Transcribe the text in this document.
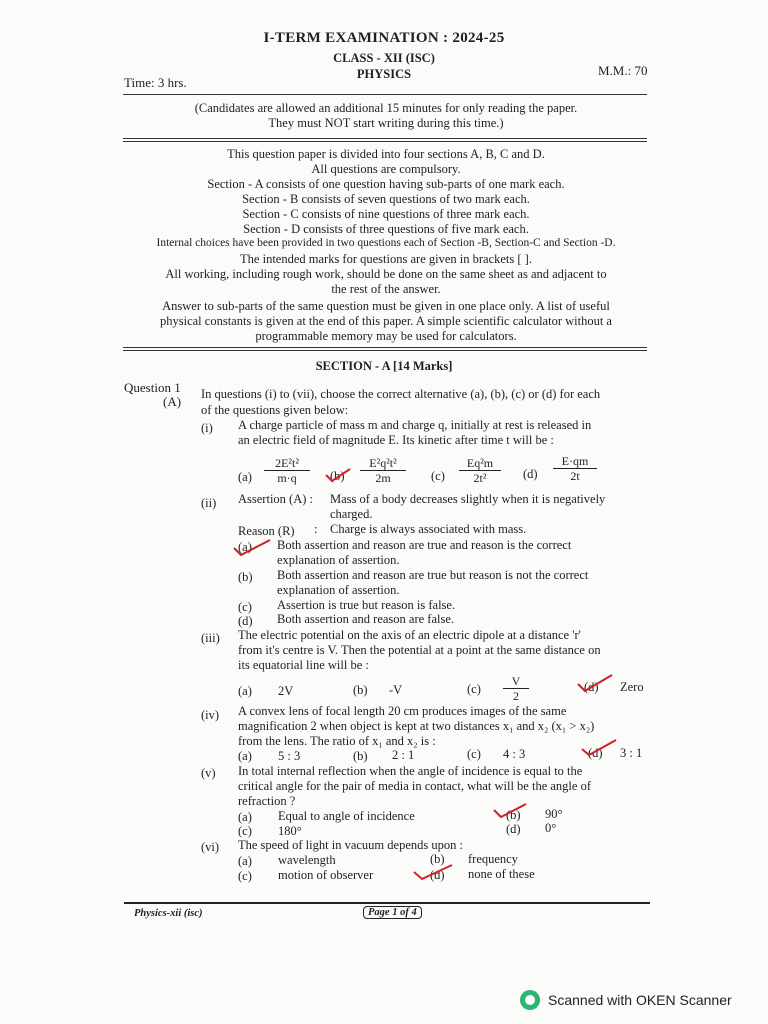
I-TERM EXAMINATION : 2024-25
CLASS - XII (ISC)
PHYSICS
Time: 3 hrs.
M.M.: 70
(Candidates are allowed an additional 15 minutes for only reading the paper.
They must NOT start writing during this time.)
This question paper is divided into four sections A, B, C and D.
All questions are compulsory.
Section - A consists of one question having sub-parts of one mark each.
Section - B consists of seven questions of two mark each.
Section - C consists of nine questions of three mark each.
Section - D consists of three questions of five mark each.
Internal choices have been provided in two questions each of Section -B, Section-C and Section -D.
The intended marks for questions are given in brackets [ ].
All working, including rough work, should be done on the same sheet as and adjacent to
the rest of the answer.
Answer to sub-parts of the same question must be given in one place only. A list of useful
physical constants is given at the end of this paper. A simple scientific calculator without a
programmable memory may be used for calculators.
SECTION - A [14 Marks]
Question 1
(A) In questions (i) to (vii), choose the correct alternative (a), (b), (c) or (d) for each
of the questions given below:
(i) A charge particle of mass m and charge q, initially at rest is released in
an electric field of magnitude E. Its kinetic after time t will be :
$(a) \frac{\text{2E²t²}}{m\cdot q} (b) \frac{\text{E²q²t²}}{2m} (c) \frac{\text{Eq²m}}{\text{2t²}} (d) \frac{E\cdot qm}{2t}$
(ii) Assertion (A) : Mass of a body decreases slightly when it is negatively
charged.
Reason (R) : Charge is always associated with mass.
(a) Both assertion and reason are true and reason is the correct
explanation of assertion.
(b) Both assertion and reason are true but reason is not the correct
explanation of assertion.
(c) Assertion is true but reason is false.
(d) Both assertion and reason are false.
(iii) The electric potential on the axis of an electric dipole at a distance 'r'
from it's centre is V. Then the potential at a point at the same distance on
its equatorial line will be :
(a) 2V	(b) -V	$(c) \frac{V}{2}$	(d) Zero
(iv) A convex lens of focal length 20 cm produces images of the same
magnification 2 when object is kept at two distances x₁ and x₂ (x₁ > x₂)
from the lens. The ratio of x₁ and x₂ is :
(a) 5 : 3	(b) 2 : 1	(c) 4 : 3	(d) 3 : 1
(v) In total internal reflection when the angle of incidence is equal to the
critical angle for the pair of media in contact, what will be the angle of
refraction ?
(a) Equal to angle of incidence	(b) 90°
(c) 180°	(d) 0°
(vi) The speed of light in vacuum depends upon :
(a) wavelength	(b) frequency
(c) motion of observer	(d) none of these
Physics-xii (isc)	Page 1 of 4
Scanned with OKEN Scanner
